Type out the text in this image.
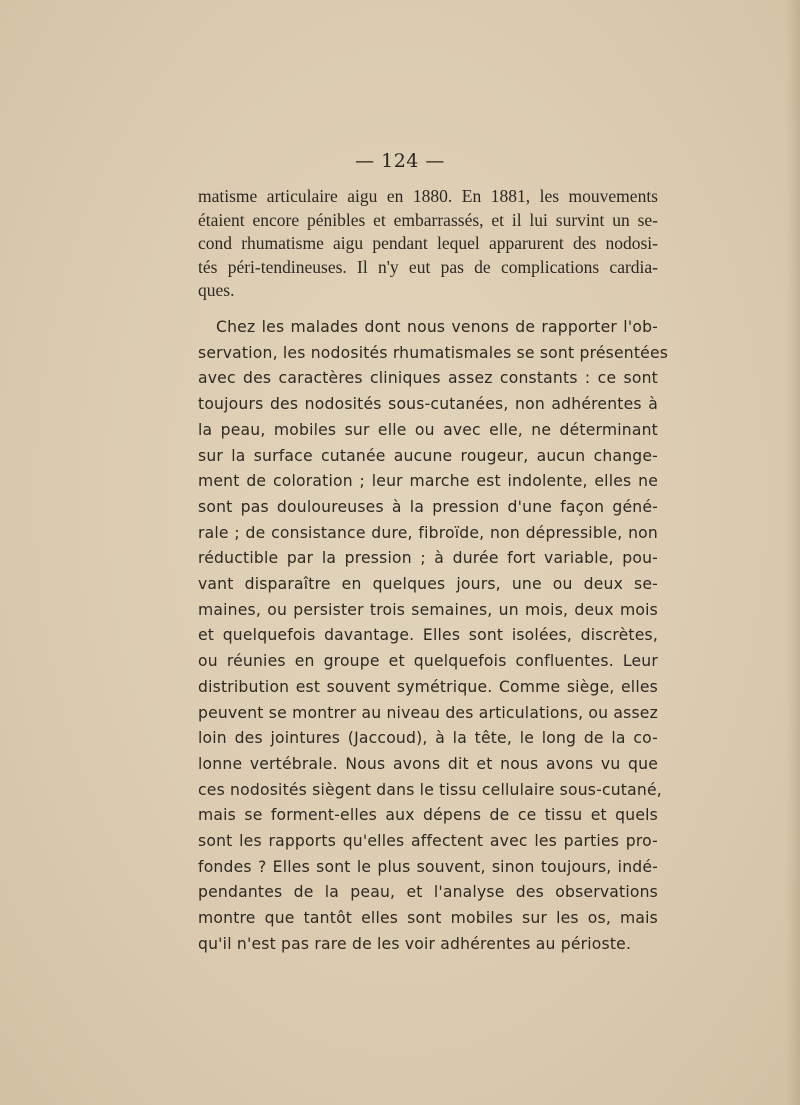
— 124 —
matisme articulaire aigu en 1880. En 1881, les mouvements
étaient encore pénibles et embarrassés, et il lui survint un se-
cond rhumatisme aigu pendant lequel apparurent des nodosi-
tés péri-tendineuses. Il n'y eut pas de complications cardia-
ques.
Chez les malades dont nous venons de rapporter l'ob-
servation, les nodosités rhumatismales se sont présentées
avec des caractères cliniques assez constants : ce sont
toujours des nodosités sous-cutanées, non adhérentes à
la peau, mobiles sur elle ou avec elle, ne déterminant
sur la surface cutanée aucune rougeur, aucun change-
ment de coloration ; leur marche est indolente, elles ne
sont pas douloureuses à la pression d'une façon géné-
rale ; de consistance dure, fibroïde, non dépressible, non
réductible par la pression ; à durée fort variable, pou-
vant disparaître en quelques jours, une ou deux se-
maines, ou persister trois semaines, un mois, deux mois
et quelquefois davantage. Elles sont isolées, discrètes,
ou réunies en groupe et quelquefois confluentes. Leur
distribution est souvent symétrique. Comme siège, elles
peuvent se montrer au niveau des articulations, ou assez
loin des jointures (Jaccoud), à la tête, le long de la co-
lonne vertébrale. Nous avons dit et nous avons vu que
ces nodosités siègent dans le tissu cellulaire sous-cutané,
mais se forment-elles aux dépens de ce tissu et quels
sont les rapports qu'elles affectent avec les parties pro-
fondes ? Elles sont le plus souvent, sinon toujours, indé-
pendantes de la peau, et l'analyse des observations
montre que tantôt elles sont mobiles sur les os, mais
qu'il n'est pas rare de les voir adhérentes au périoste.
